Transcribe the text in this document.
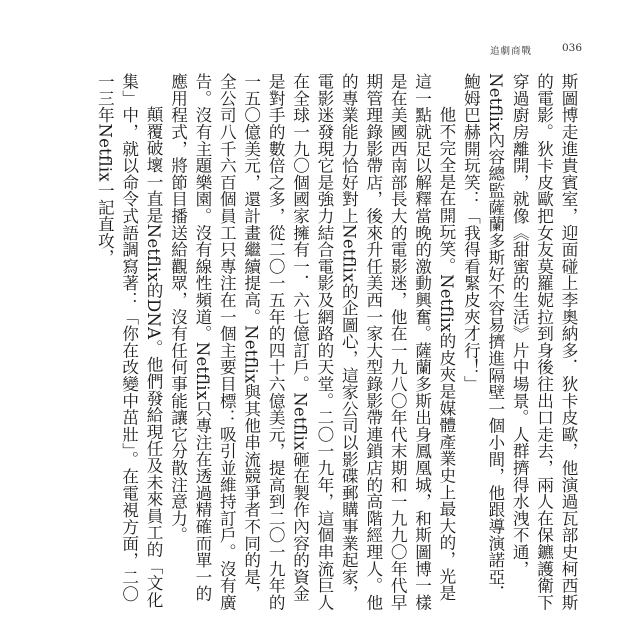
追劇商戰	036

斯圖博走進貴賓室，迎面碰上李奧納多．狄卡皮歐，他演過瓦部史柯西斯的電影。狄卡皮歐把女友莫羅妮拉到身後往出口走去，兩人在保鑣護衛下穿過廚房離開，就像《甜蜜的生活》片中場景。人群擠得水洩不通，Netflix內容總監薩蘭多斯好不容易擠進隔壁一個小間，他跟導演諾亞．鮑姆巴赫開玩笑：「我得看緊皮夾才行！」

他不完全是在開玩笑。Netflix的皮夾是媒體產業史上最大的，光是這一點就足以解釋當晚的激動興奮。薩蘭多斯出身鳳凰城，和斯圖博一樣是在美國西南部長大的電影迷，他在一九八〇年代末期和一九九〇年代早期管理錄影帶店，後來升任美西一家大型錄影帶連鎖店的高階經理人。他的專業能力恰好對上Netflix的企圖心，這家公司以影碟郵購事業起家，電影迷發現它是強力結合電影及網路的天堂。二〇一九年，這個串流巨人在全球一九〇個國家擁有一．六七億訂戶。Netflix砸在製作內容的資金是對手的數倍之多，從二〇一五年的四十六億美元，提高到二〇一九年的一五〇億美元，還計畫繼續提高。Netflix與其他串流競爭者不同的是，全公司八千六百個員工只專注在一個主要目標：吸引並維持訂戶。沒有廣告。沒有主題樂園。沒有線性頻道。Netflix只專注在透過精確而單一的應用程式，將節目播送給觀眾，沒有任何事能讓它分散注意力。

顛覆破壞一直是Netflix的DNA。他們發給現任及未來員工的「文化集」中，就以命令式語調寫著：「你在改變中茁壯」。在電視方面，二〇一三年Netflix一記直攻，
